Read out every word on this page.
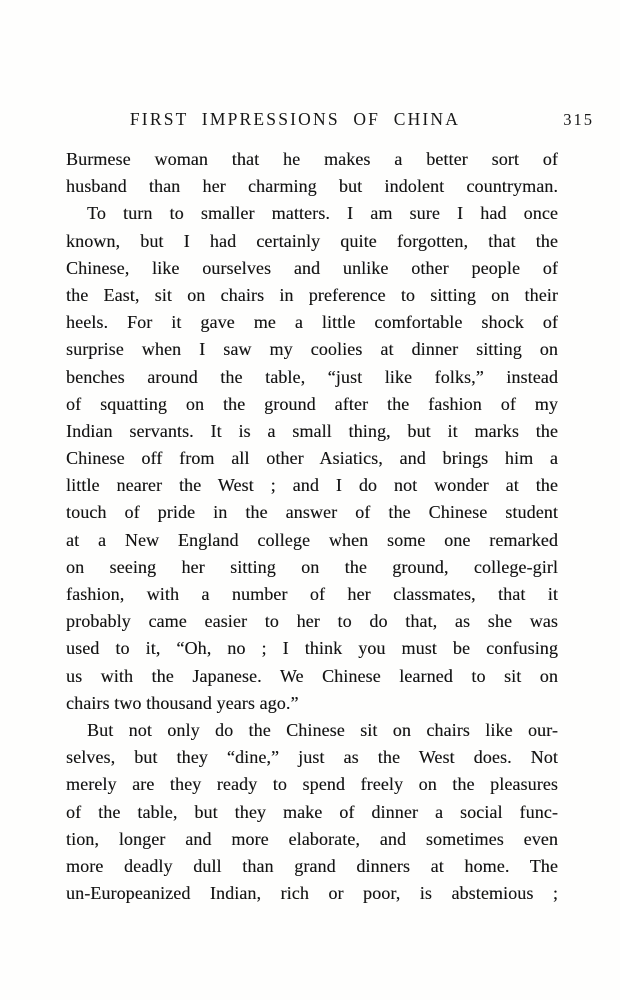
FIRST IMPRESSIONS OF CHINA	315
Burmese woman that he makes a better sort of
husband than her charming but indolent countryman.
To turn to smaller matters. I am sure I had once
known, but I had certainly quite forgotten, that the
Chinese, like ourselves and unlike other people of
the East, sit on chairs in preference to sitting on their
heels. For it gave me a little comfortable shock of
surprise when I saw my coolies at dinner sitting on
benches around the table, “just like folks,” instead
of squatting on the ground after the fashion of my
Indian servants. It is a small thing, but it marks the
Chinese off from all other Asiatics, and brings him a
little nearer the West ; and I do not wonder at the
touch of pride in the answer of the Chinese student
at a New England college when some one remarked
on seeing her sitting on the ground, college-girl
fashion, with a number of her classmates, that it
probably came easier to her to do that, as she was
used to it, “Oh, no ; I think you must be confusing
us with the Japanese. We Chinese learned to sit on
chairs two thousand years ago.”
But not only do the Chinese sit on chairs like our-
selves, but they “dine,” just as the West does. Not
merely are they ready to spend freely on the pleasures
of the table, but they make of dinner a social func-
tion, longer and more elaborate, and sometimes even
more deadly dull than grand dinners at home. The
un-Europeanized Indian, rich or poor, is abstemious ;
